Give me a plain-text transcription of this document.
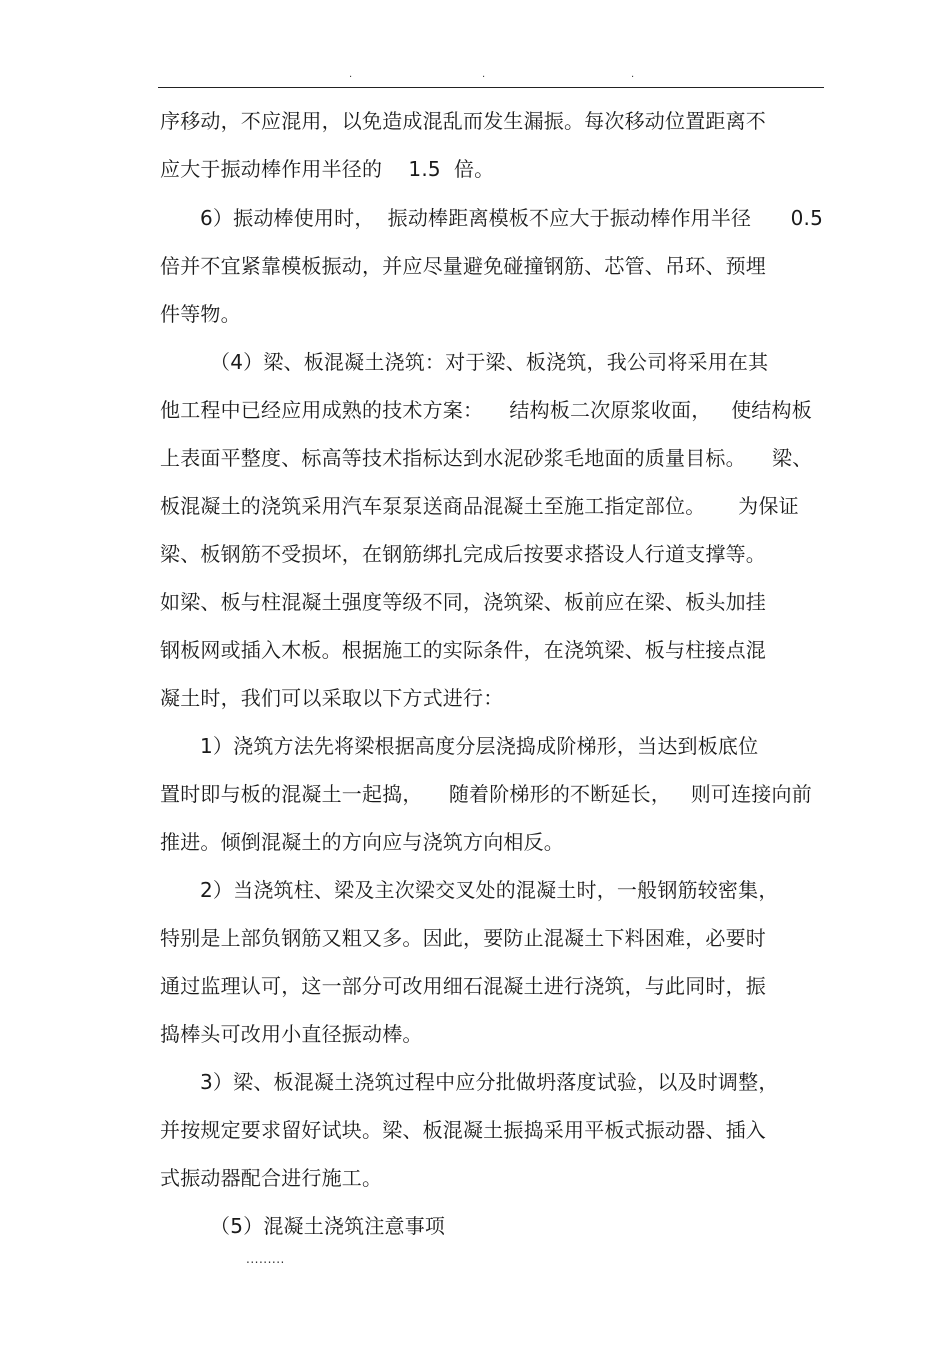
.	.	.
序移动，不应混用，以免造成混乱而发生漏振。每次移动位置距离不
应大于振动棒作用半径的    1.5  倍。
6）振动棒使用时，  振动棒距离模板不应大于振动棒作用半径      0.5
倍并不宜紧靠模板振动，并应尽量避免碰撞钢筋、芯管、吊环、预埋
件等物。
（4）梁、板混凝土浇筑：对于梁、板浇筑，我公司将采用在其
他工程中已经应用成熟的技术方案：    结构板二次原浆收面，   使结构板
上表面平整度、标高等技术指标达到水泥砂浆毛地面的质量目标。    梁、
板混凝土的浇筑采用汽车泵泵送商品混凝土至施工指定部位。     为保证
梁、板钢筋不受损坏，在钢筋绑扎完成后按要求搭设人行道支撑等。
如梁、板与柱混凝土强度等级不同，浇筑梁、板前应在梁、板头加挂
钢板网或插入木板。根据施工的实际条件，在浇筑梁、板与柱接点混
凝土时，我们可以采取以下方式进行：
1）浇筑方法先将梁根据高度分层浇捣成阶梯形，当达到板底位
置时即与板的混凝土一起捣，    随着阶梯形的不断延长，   则可连接向前
推进。倾倒混凝土的方向应与浇筑方向相反。
2）当浇筑柱、梁及主次梁交叉处的混凝土时，一般钢筋较密集，
特别是上部负钢筋又粗又多。因此，要防止混凝土下料困难，必要时
通过监理认可，这一部分可改用细石混凝土进行浇筑，与此同时，振
捣棒头可改用小直径振动棒。
3）梁、板混凝土浇筑过程中应分批做坍落度试验，以及时调整，
并按规定要求留好试块。梁、板混凝土振捣采用平板式振动器、插入
式振动器配合进行施工。
（5）混凝土浇筑注意事项
.........
